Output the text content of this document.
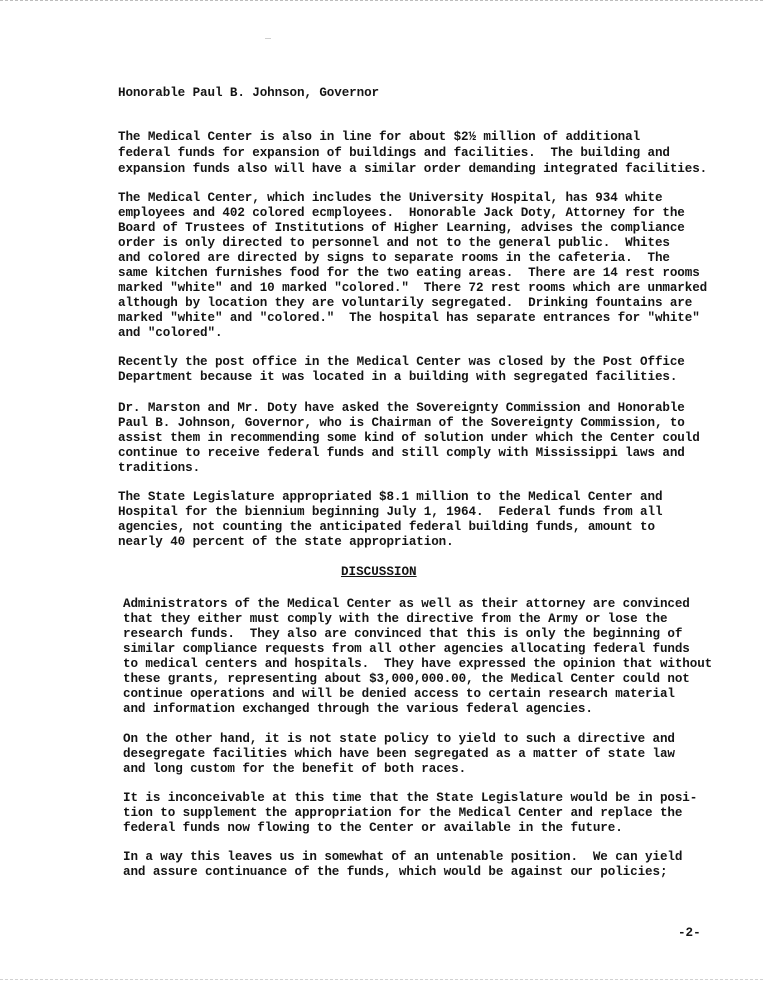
Honorable Paul B. Johnson, Governor

The Medical Center is also in line for about $2½ million of additional

federal funds for expansion of buildings and facilities.  The building and

expansion funds also will have a similar order demanding integrated facilities.

The Medical Center, which includes the University Hospital, has 934 white

employees and 402 colored ecmployees.  Honorable Jack Doty, Attorney for the

Board of Trustees of Institutions of Higher Learning, advises the compliance

order is only directed to personnel and not to the general public.  Whites

and colored are directed by signs to separate rooms in the cafeteria.  The

same kitchen furnishes food for the two eating areas.  There are 14 rest rooms

marked "white" and 10 marked "colored."  There 72 rest rooms which are unmarked

although by location they are voluntarily segregated.  Drinking fountains are

marked "white" and "colored."  The hospital has separate entrances for "white"

and "colored".

Recently the post office in the Medical Center was closed by the Post Office

Department because it was located in a building with segregated facilities.

Dr. Marston and Mr. Doty have asked the Sovereignty Commission and Honorable

Paul B. Johnson, Governor, who is Chairman of the Sovereignty Commission, to

assist them in recommending some kind of solution under which the Center could

continue to receive federal funds and still comply with Mississippi laws and

traditions.

The State Legislature appropriated $8.1 million to the Medical Center and

Hospital for the biennium beginning July 1, 1964.  Federal funds from all

agencies, not counting the anticipated federal building funds, amount to

nearly 40 percent of the state appropriation.

DISCUSSION

Administrators of the Medical Center as well as their attorney are convinced

that they either must comply with the directive from the Army or lose the

research funds.  They also are convinced that this is only the beginning of

similar compliance requests from all other agencies allocating federal funds

to medical centers and hospitals.  They have expressed the opinion that without

these grants, representing about $3,000,000.00, the Medical Center could not

continue operations and will be denied access to certain research material

and information exchanged through the various federal agencies.

On the other hand, it is not state policy to yield to such a directive and

desegregate facilities which have been segregated as a matter of state law

and long custom for the benefit of both races.

It is inconceivable at this time that the State Legislature would be in posi-

tion to supplement the appropriation for the Medical Center and replace the

federal funds now flowing to the Center or available in the future.

In a way this leaves us in somewhat of an untenable position.  We can yield

and assure continuance of the funds, which would be against our policies;

-2-
